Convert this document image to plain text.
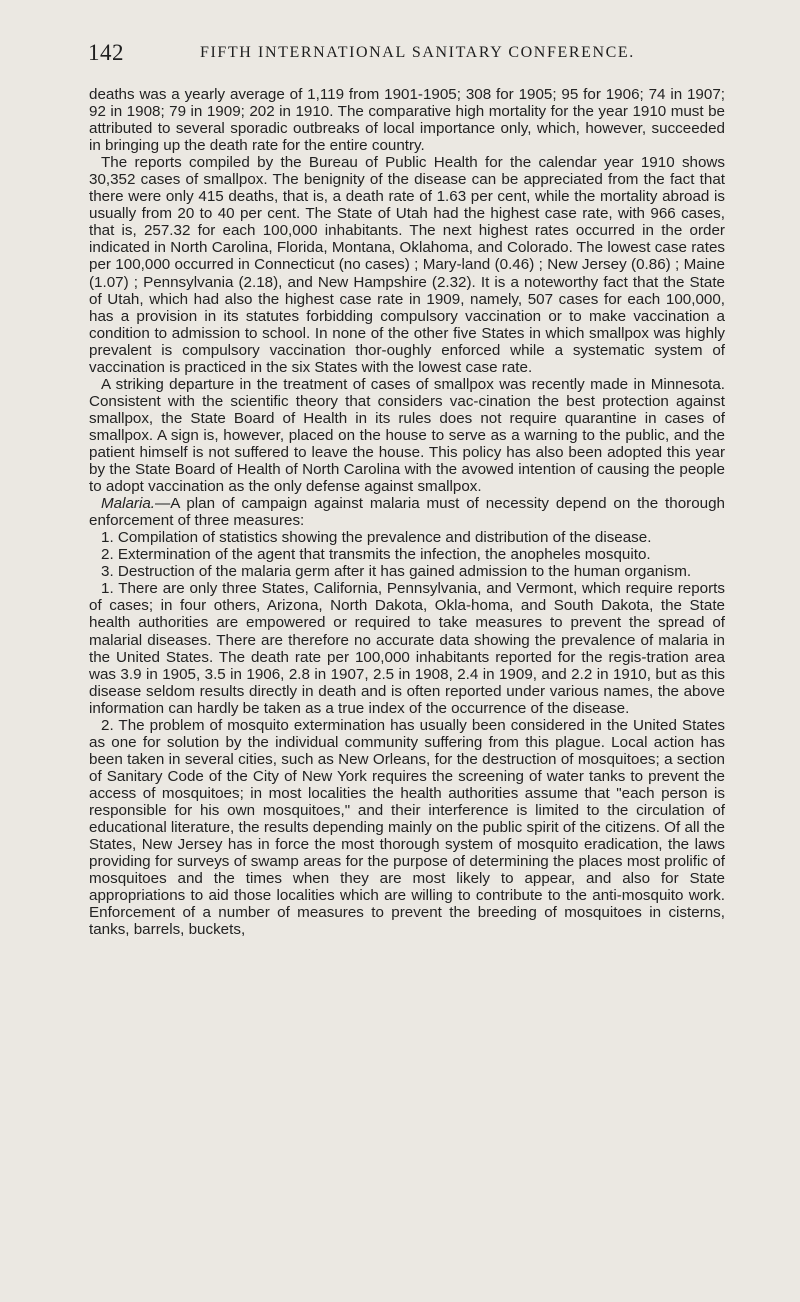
142	FIFTH INTERNATIONAL SANITARY CONFERENCE.

deaths was a yearly average of 1,119 from 1901-1905; 308 for 1905; 95 for 1906; 74 in 1907; 92 in 1908; 79 in 1909; 202 in 1910. The comparative high mortality for the year 1910 must be attributed to several sporadic outbreaks of local importance only, which, however, succeeded in bringing up the death rate for the entire country.

The reports compiled by the Bureau of Public Health for the calendar year 1910 shows 30,352 cases of smallpox. The benignity of the disease can be appreciated from the fact that there were only 415 deaths, that is, a death rate of 1.63 per cent, while the mortality abroad is usually from 20 to 40 per cent. The State of Utah had the highest case rate, with 966 cases, that is, 257.32 for each 100,000 inhabitants. The next highest rates occurred in the order indicated in North Carolina, Florida, Montana, Oklahoma, and Colorado. The lowest case rates per 100,000 occurred in Connecticut (no cases) ; Mary-land (0.46) ; New Jersey (0.86) ; Maine (1.07) ; Pennsylvania (2.18), and New Hampshire (2.32). It is a noteworthy fact that the State of Utah, which had also the highest case rate in 1909, namely, 507 cases for each 100,000, has a provision in its statutes forbidding compulsory vaccination or to make vaccination a condition to admission to school. In none of the other five States in which smallpox was highly prevalent is compulsory vaccination thor-oughly enforced while a systematic system of vaccination is practiced in the six States with the lowest case rate.

A striking departure in the treatment of cases of smallpox was recently made in Minnesota. Consistent with the scientific theory that considers vac-cination the best protection against smallpox, the State Board of Health in its rules does not require quarantine in cases of smallpox. A sign is, however, placed on the house to serve as a warning to the public, and the patient himself is not suffered to leave the house. This policy has also been adopted this year by the State Board of Health of North Carolina with the avowed intention of causing the people to adopt vaccination as the only defense against smallpox.

Malaria.—A plan of campaign against malaria must of necessity depend on the thorough enforcement of three measures:

1. Compilation of statistics showing the prevalence and distribution of the disease.

2. Extermination of the agent that transmits the infection, the anopheles mosquito.

3. Destruction of the malaria germ after it has gained admission to the human organism.

1. There are only three States, California, Pennsylvania, and Vermont, which require reports of cases; in four others, Arizona, North Dakota, Okla-homa, and South Dakota, the State health authorities are empowered or required to take measures to prevent the spread of malarial diseases. There are therefore no accurate data showing the prevalence of malaria in the United States. The death rate per 100,000 inhabitants reported for the regis-tration area was 3.9 in 1905, 3.5 in 1906, 2.8 in 1907, 2.5 in 1908, 2.4 in 1909, and 2.2 in 1910, but as this disease seldom results directly in death and is often reported under various names, the above information can hardly be taken as a true index of the occurrence of the disease.

2. The problem of mosquito extermination has usually been considered in the United States as one for solution by the individual community suffering from this plague. Local action has been taken in several cities, such as New Orleans, for the destruction of mosquitoes; a section of Sanitary Code of the City of New York requires the screening of water tanks to prevent the access of mosquitoes; in most localities the health authorities assume that "each person is responsible for his own mosquitoes," and their interference is limited to the circulation of educational literature, the results depending mainly on the public spirit of the citizens. Of all the States, New Jersey has in force the most thorough system of mosquito eradication, the laws providing for surveys of swamp areas for the purpose of determining the places most prolific of mosquitoes and the times when they are most likely to appear, and also for State appropriations to aid those localities which are willing to contribute to the anti-mosquito work. Enforcement of a number of measures to prevent the breeding of mosquitoes in cisterns, tanks, barrels, buckets,
